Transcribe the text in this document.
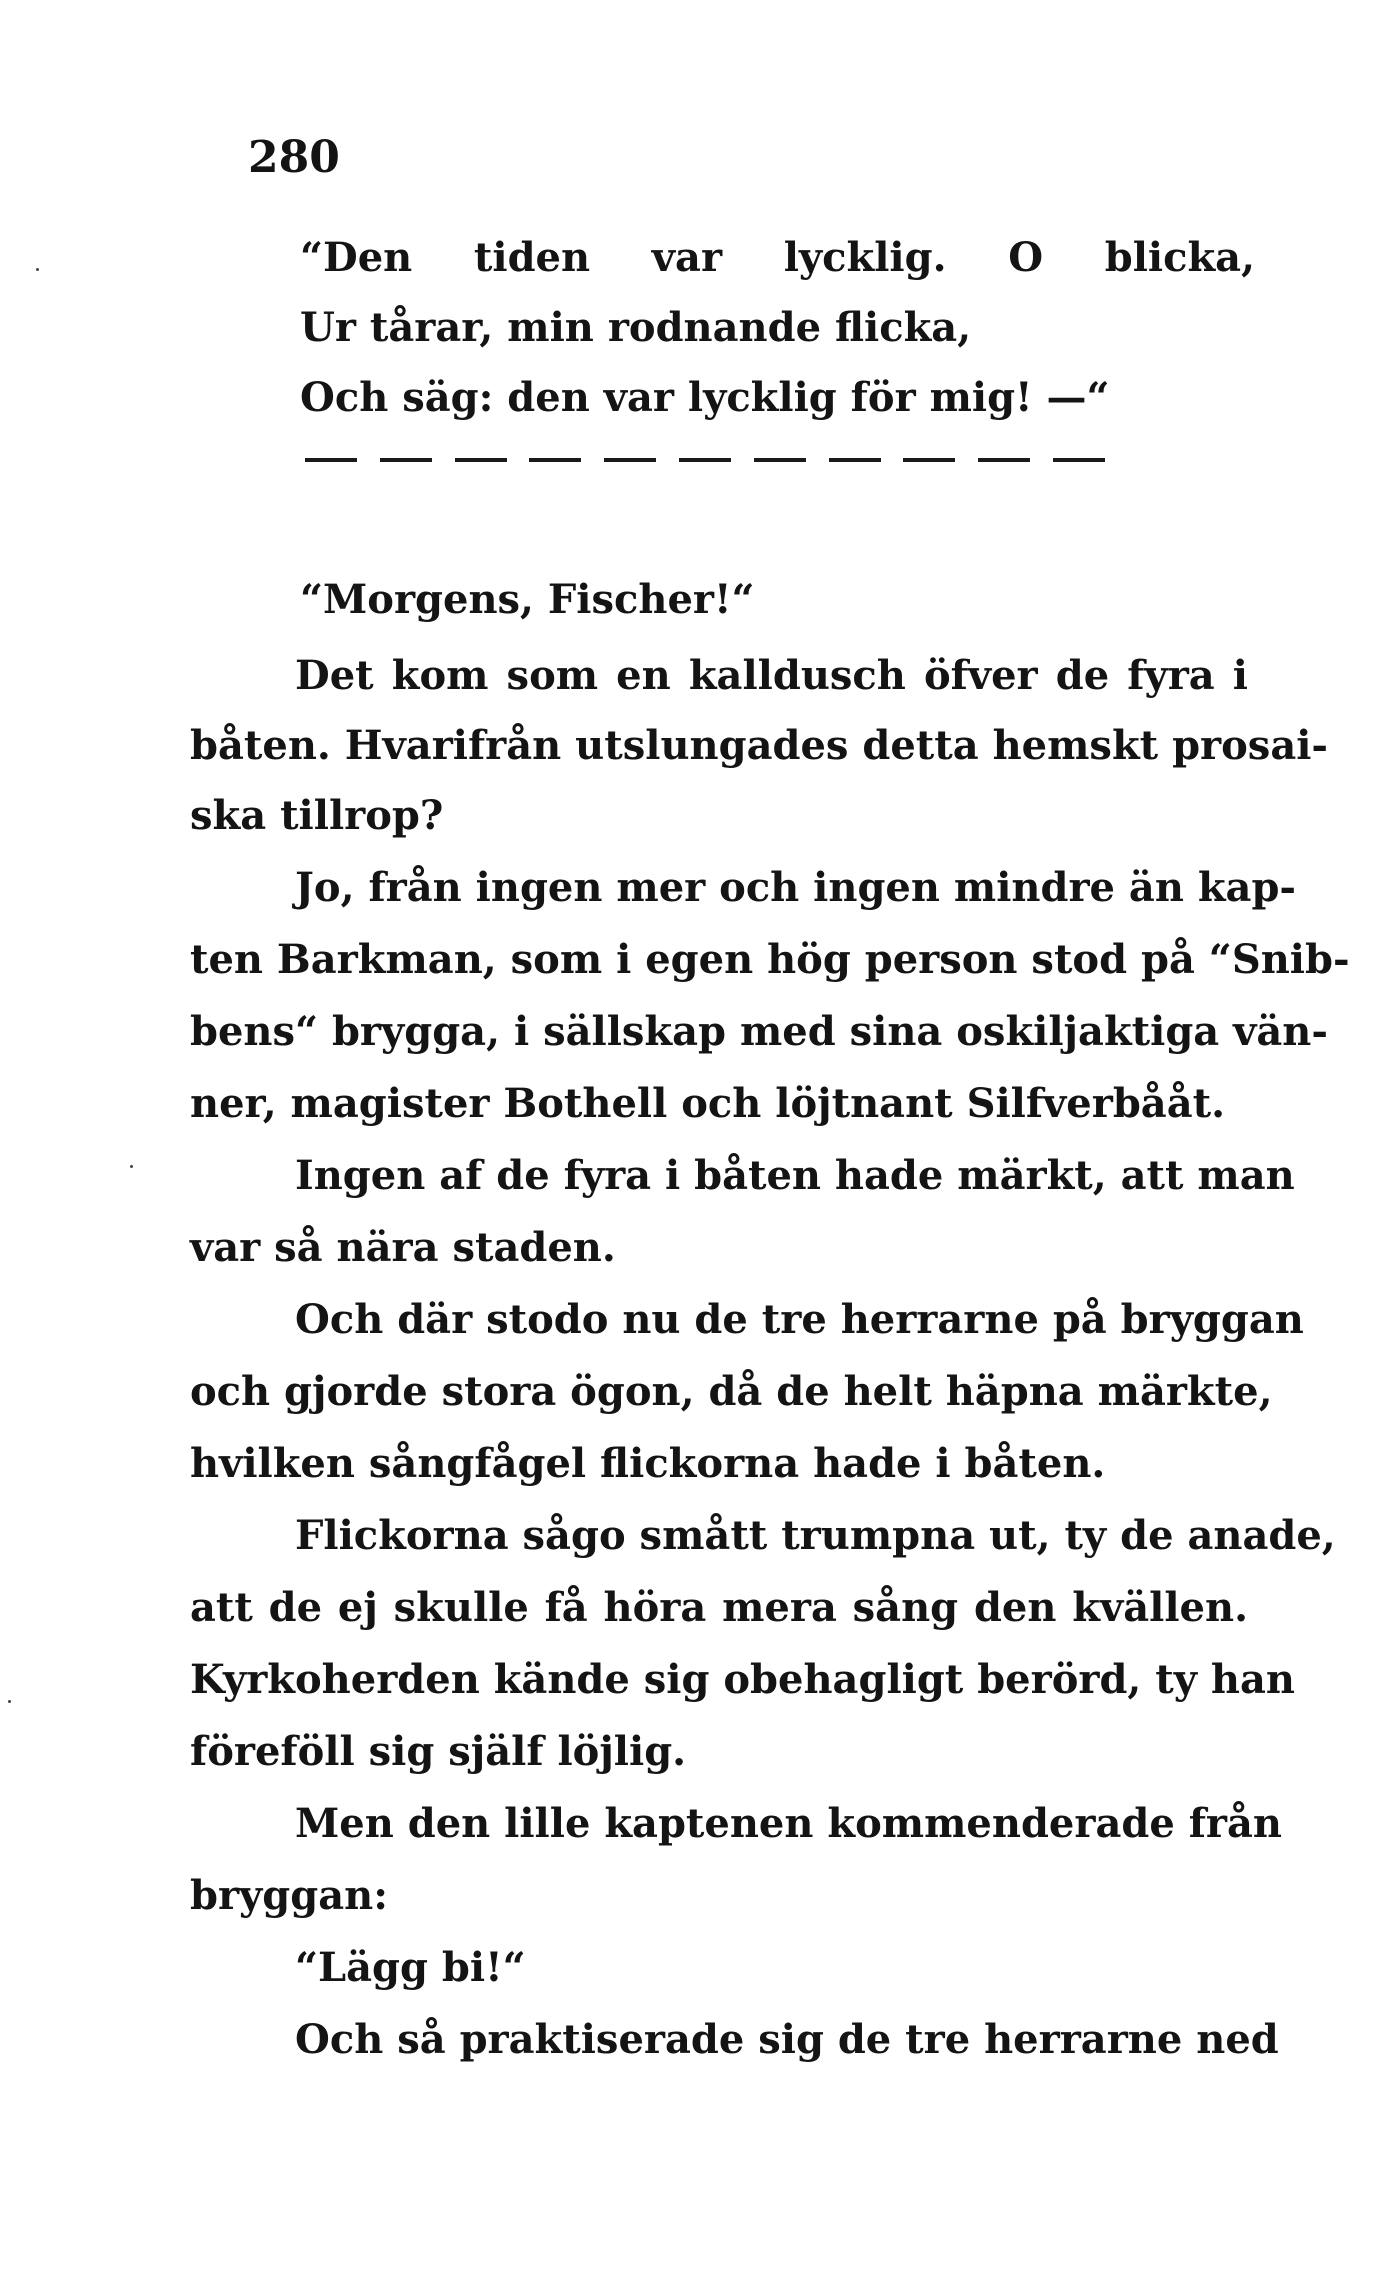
280
“Den tiden var lycklig. O blicka,
Ur tårar, min rodnande flicka,
Och säg: den var lycklig för mig! —“
“Morgens, Fischer!“
Det kom som en kalldusch öfver de fyra i
båten. Hvarifrån utslungades detta hemskt prosai-
ska tillrop?
Jo, från ingen mer och ingen mindre än kap-
ten Barkman, som i egen hög person stod på “Snib-
bens“ brygga, i sällskap med sina oskiljaktiga vän-
ner, magister Bothell och löjtnant Silfverbååt.
Ingen af de fyra i båten hade märkt, att man
var så nära staden.
Och där stodo nu de tre herrarne på bryggan
och gjorde stora ögon, då de helt häpna märkte,
hvilken sångfågel flickorna hade i båten.
Flickorna sågo smått trumpna ut, ty de anade,
att de ej skulle få höra mera sång den kvällen.
Kyrkoherden kände sig obehagligt berörd, ty han
föreföll sig själf löjlig.
Men den lille kaptenen kommenderade från
bryggan:
“Lägg bi!“
Och så praktiserade sig de tre herrarne ned
